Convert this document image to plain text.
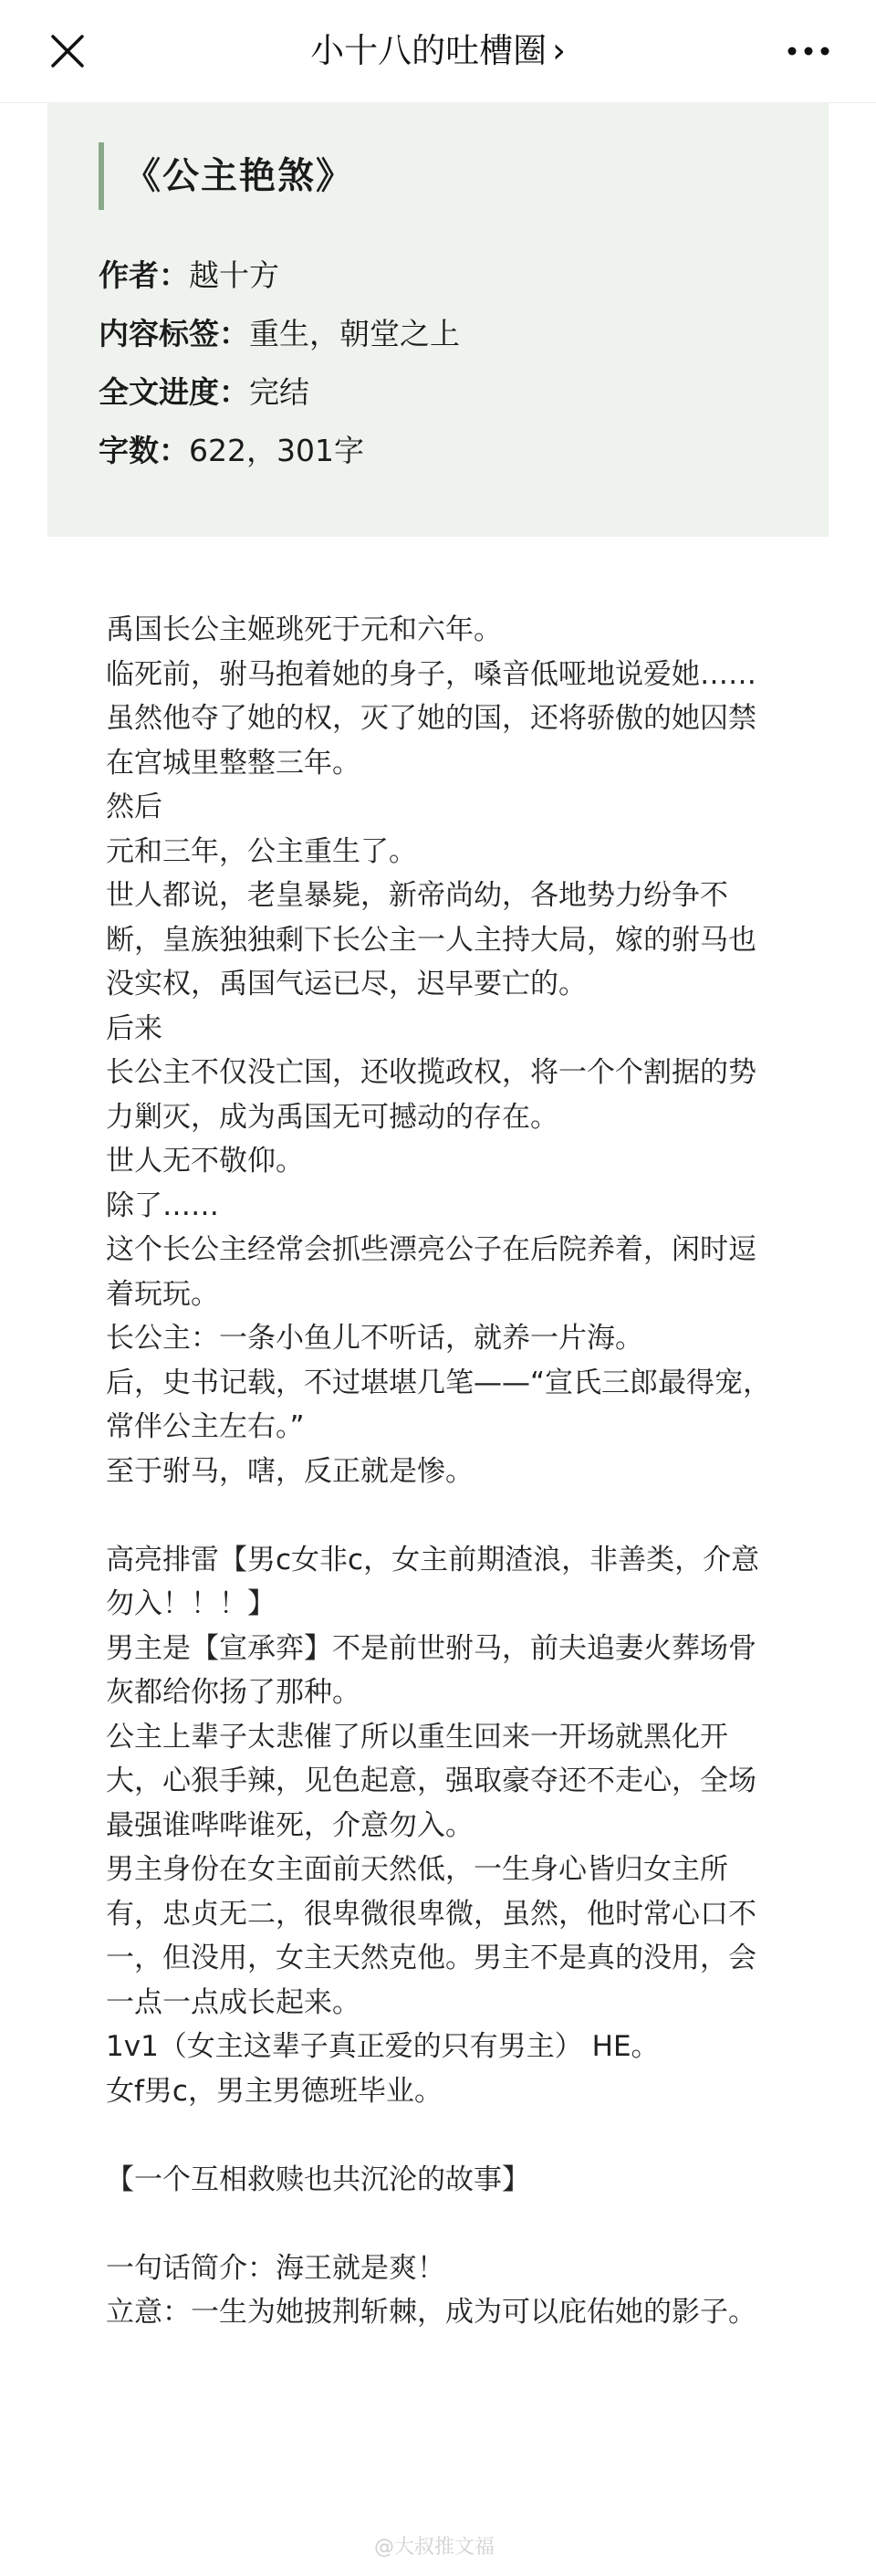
小十八的吐槽圈 ›
《公主艳煞》
作者：越十方
内容标签：重生，朝堂之上
全文进度：完结
字数：622，301字

禹国长公主姬珧死于元和六年。

临死前，驸马抱着她的身子，嗓音低哑地说爱她……

虽然他夺了她的权，灭了她的国，还将骄傲的她囚禁在宫城里整整三年。

然后

元和三年，公主重生了。

世人都说，老皇暴毙，新帝尚幼，各地势力纷争不断，皇族独独剩下长公主一人主持大局，嫁的驸马也没实权，禹国气运已尽，迟早要亡的。

后来

长公主不仅没亡国，还收揽政权，将一个个割据的势力剿灭，成为禹国无可撼动的存在。

世人无不敬仰。

除了……

这个长公主经常会抓些漂亮公子在后院养着，闲时逗着玩玩。

长公主：一条小鱼儿不听话，就养一片海。

后，史书记载，不过堪堪几笔——“宣氏三郎最得宠，常伴公主左右。”

至于驸马，嗐，反正就是惨。

高亮排雷【男c女非c，女主前期渣浪，非善类，介意勿入！！！】

男主是【宣承弈】不是前世驸马，前夫追妻火葬场骨灰都给你扬了那种。

公主上辈子太悲催了所以重生回来一开场就黑化开大，心狠手辣，见色起意，强取豪夺还不走心，全场最强谁哔哔谁死，介意勿入。

男主身份在女主面前天然低，一生身心皆归女主所有，忠贞无二，很卑微很卑微，虽然，他时常心口不一，但没用，女主天然克他。男主不是真的没用，会一点一点成长起来。

1v1（女主这辈子真正爱的只有男主） HE。

女f男c，男主男德班毕业。

【一个互相救赎也共沉沦的故事】

一句话简介：海王就是爽！

立意：一生为她披荆斩棘，成为可以庇佑她的影子。

@大叔推文福
